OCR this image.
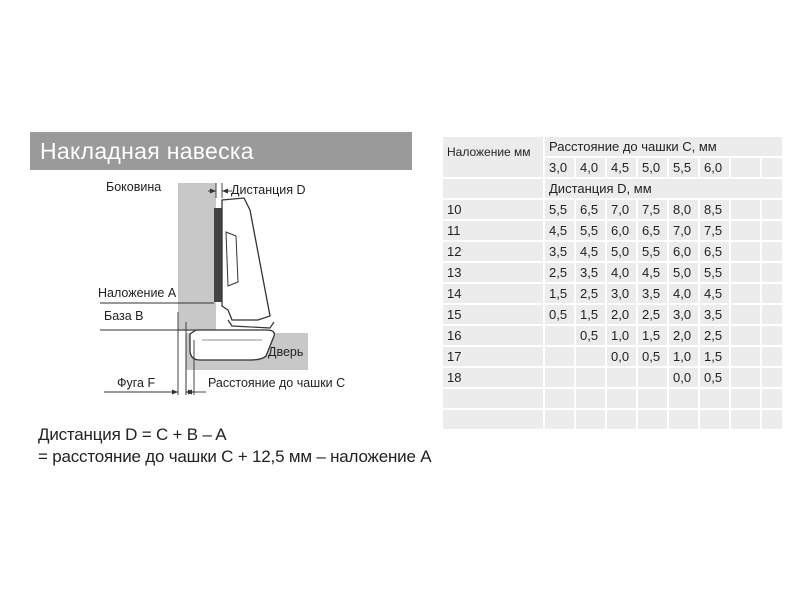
Накладная навеска
Боковина	Дистанция D
Наложение A
База B
Дверь
Фуга F	Расстояние до чашки C
Дистанция D = C + B – A
= расстояние до чашки C + 12,5 мм – наложение A
Наложение мм	Расстояние до чашки C, мм							
	3,0	4,0	4,5	5,0	5,5	6,0		
	Дистанция D, мм							
10	5,5	6,5	7,0	7,5	8,0	8,5		
11	4,5	5,5	6,0	6,5	7,0	7,5		
12	3,5	4,5	5,0	5,5	6,0	6,5		
13	2,5	3,5	4,0	4,5	5,0	5,5		
14	1,5	2,5	3,0	3,5	4,0	4,5		
15	0,5	1,5	2,0	2,5	3,0	3,5		
16		0,5	1,0	1,5	2,0	2,5		
17			0,0	0,5	1,0	1,5		
18					0,0	0,5		
